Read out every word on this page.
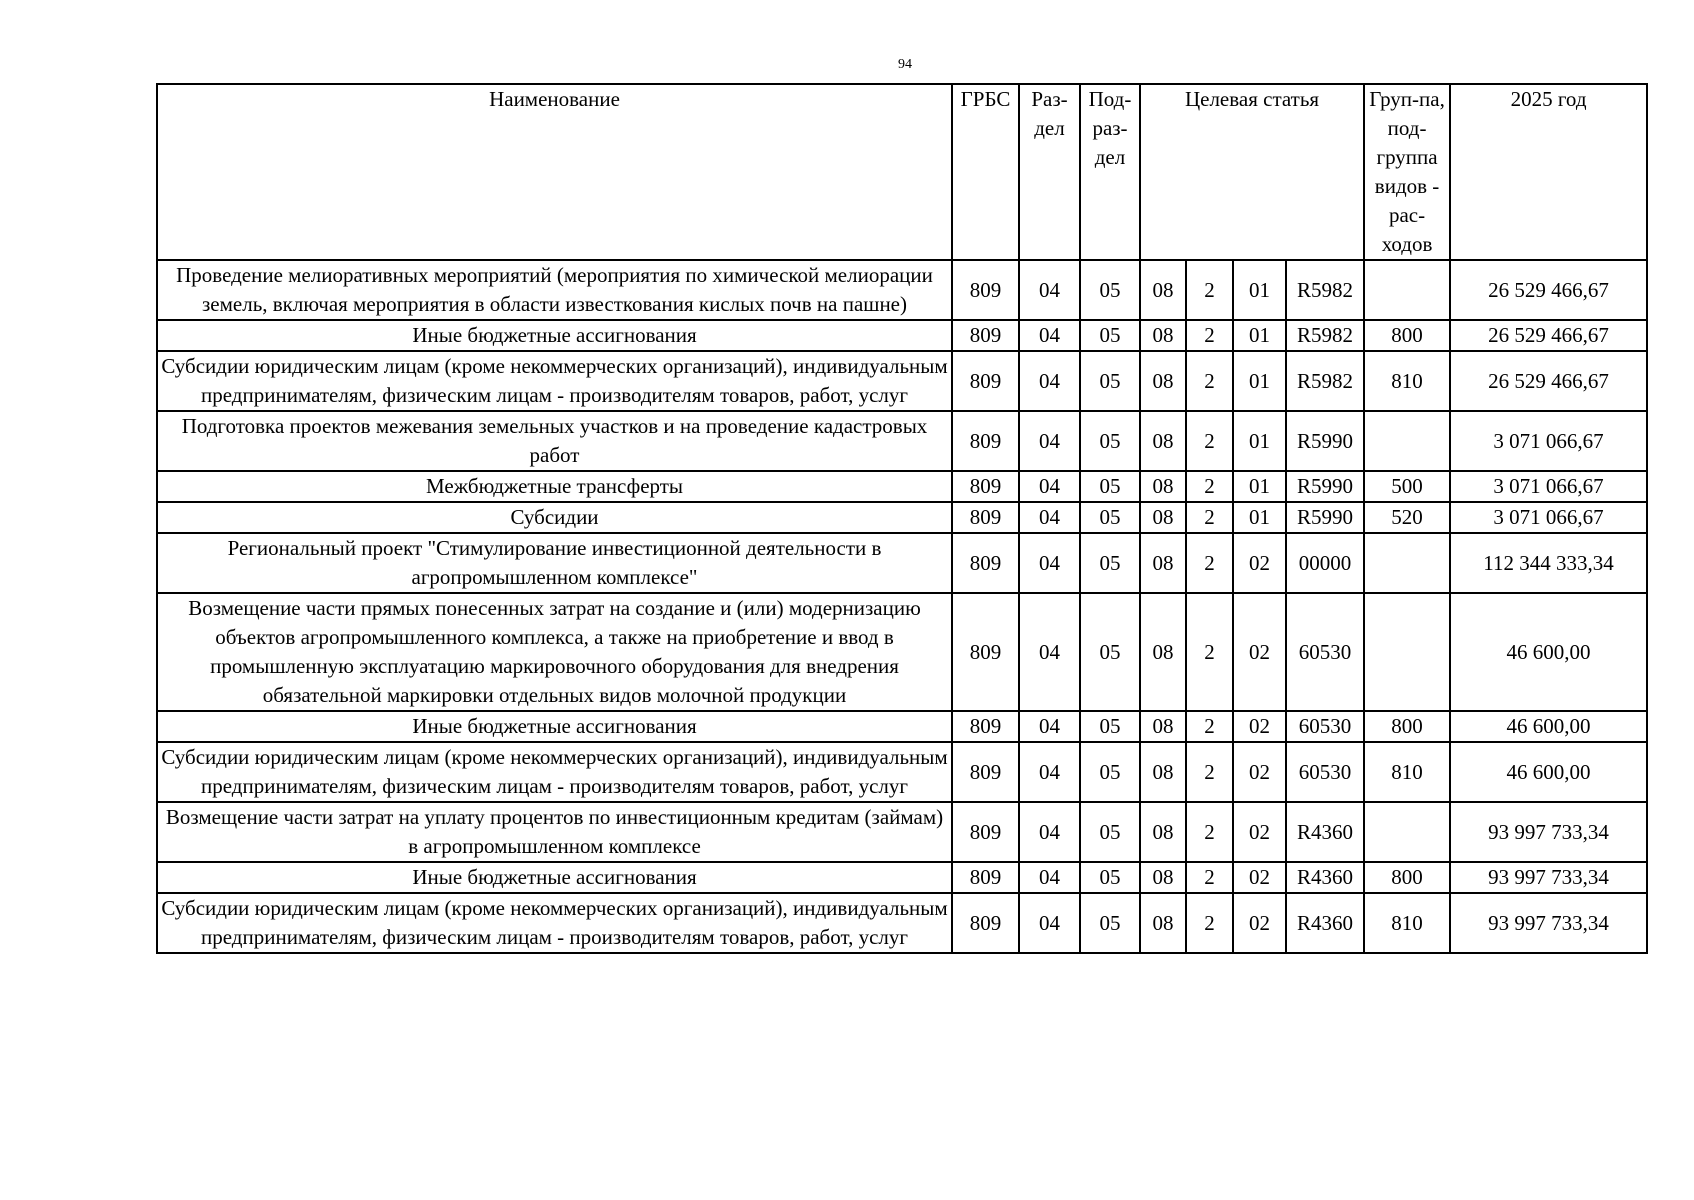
94
Наименование	ГРБС	Раз-дел	Под-раз-дел	Целевая статья				Груп-па, под-группа видов ‐ рас-ходов	2025 год
Проведение мелиоративных мероприятий (мероприятия по химической мелиорации земель, включая мероприятия в области известкования кислых почв на пашне)	809	04	05	08	2	01	R5982		26 529 466,67
Иные бюджетные ассигнования	809	04	05	08	2	01	R5982	800	26 529 466,67
Субсидии юридическим лицам (кроме некоммерческих организаций), индивидуальным предпринимателям, физическим лицам - производителям товаров, работ, услуг	809	04	05	08	2	01	R5982	810	26 529 466,67
Подготовка проектов межевания земельных участков и на проведение кадастровых работ	809	04	05	08	2	01	R5990		3 071 066,67
Межбюджетные трансферты	809	04	05	08	2	01	R5990	500	3 071 066,67
Субсидии	809	04	05	08	2	01	R5990	520	3 071 066,67
Региональный проект "Стимулирование инвестиционной деятельности в агропромышленном комплексе"	809	04	05	08	2	02	00000		112 344 333,34
Возмещение части прямых понесенных затрат на создание и (или) модернизацию объектов агропромышленного комплекса, а также на приобретение и ввод в промышленную эксплуатацию маркировочного оборудования для внедрения обязательной маркировки отдельных видов молочной продукции	809	04	05	08	2	02	60530		46 600,00
Иные бюджетные ассигнования	809	04	05	08	2	02	60530	800	46 600,00
Субсидии юридическим лицам (кроме некоммерческих организаций), индивидуальным предпринимателям, физическим лицам - производителям товаров, работ, услуг	809	04	05	08	2	02	60530	810	46 600,00
Возмещение части затрат на уплату процентов по инвестиционным кредитам (займам) в агропромышленном комплексе	809	04	05	08	2	02	R4360		93 997 733,34
Иные бюджетные ассигнования	809	04	05	08	2	02	R4360	800	93 997 733,34
Субсидии юридическим лицам (кроме некоммерческих организаций), индивидуальным предпринимателям, физическим лицам - производителям товаров, работ, услуг	809	04	05	08	2	02	R4360	810	93 997 733,34
